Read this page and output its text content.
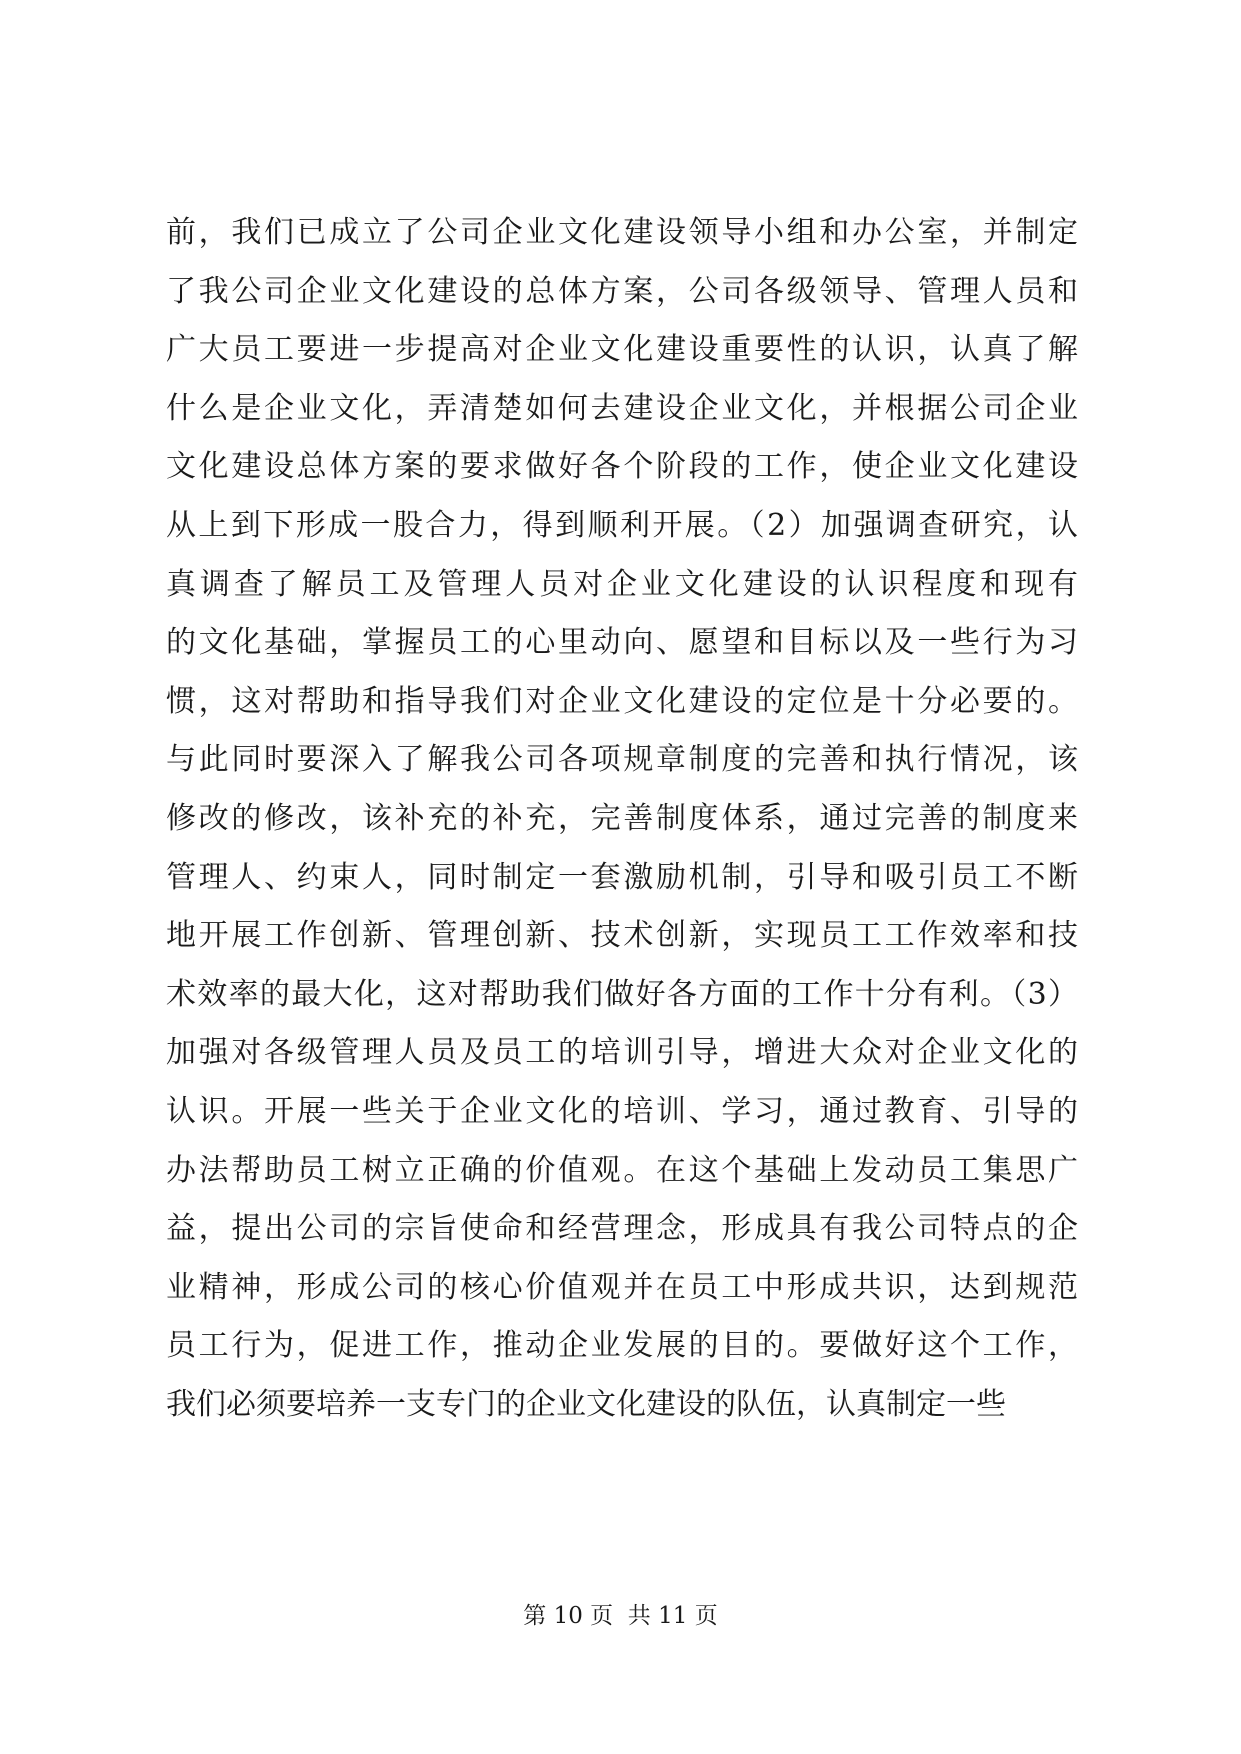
前，我们已成立了公司企业文化建设领导小组和办公室，并制定
了我公司企业文化建设的总体方案，公司各级领导、管理人员和
广大员工要进一步提高对企业文化建设重要性的认识，认真了解
什么是企业文化，弄清楚如何去建设企业文化，并根据公司企业
文化建设总体方案的要求做好各个阶段的工作，使企业文化建设
从上到下形成一股合力，得到顺利开展。（2）加强调查研究，认
真调查了解员工及管理人员对企业文化建设的认识程度和现有
的文化基础，掌握员工的心里动向、愿望和目标以及一些行为习
惯，这对帮助和指导我们对企业文化建设的定位是十分必要的。
与此同时要深入了解我公司各项规章制度的完善和执行情况，该
修改的修改，该补充的补充，完善制度体系，通过完善的制度来
管理人、约束人，同时制定一套激励机制，引导和吸引员工不断
地开展工作创新、管理创新、技术创新，实现员工工作效率和技
术效率的最大化，这对帮助我们做好各方面的工作十分有利。（3）
加强对各级管理人员及员工的培训引导，增进大众对企业文化的
认识。开展一些关于企业文化的培训、学习，通过教育、引导的
办法帮助员工树立正确的价值观。在这个基础上发动员工集思广
益，提出公司的宗旨使命和经营理念，形成具有我公司特点的企
业精神，形成公司的核心价值观并在员工中形成共识，达到规范
员工行为，促进工作，推动企业发展的目的。要做好这个工作，
我们必须要培养一支专门的企业文化建设的队伍，认真制定一些
第 10 页  共 11 页
